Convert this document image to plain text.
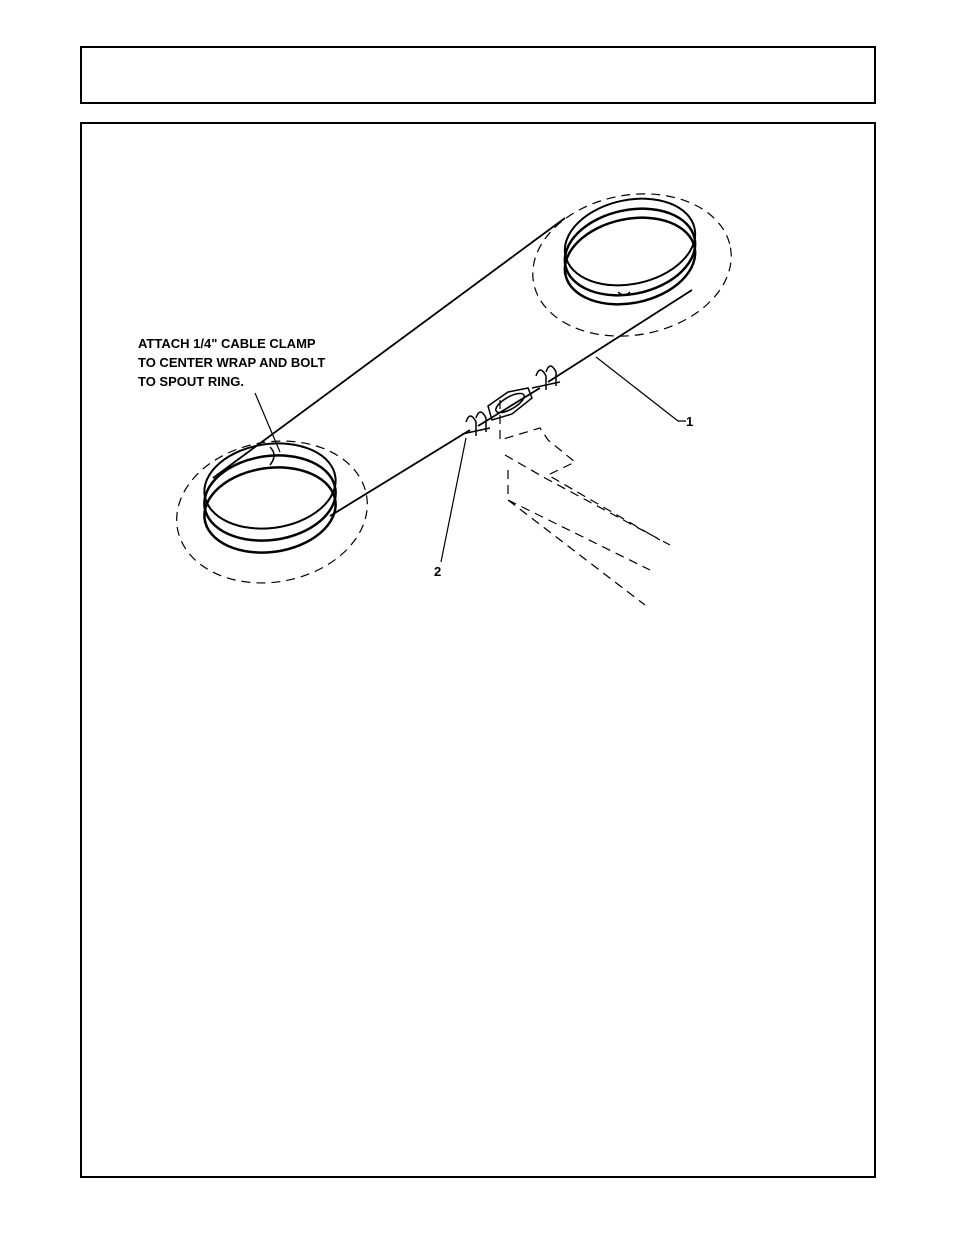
ATTACH 1/4" CABLE CLAMP
TO CENTER WRAP AND BOLT
TO SPOUT RING.
1
2
